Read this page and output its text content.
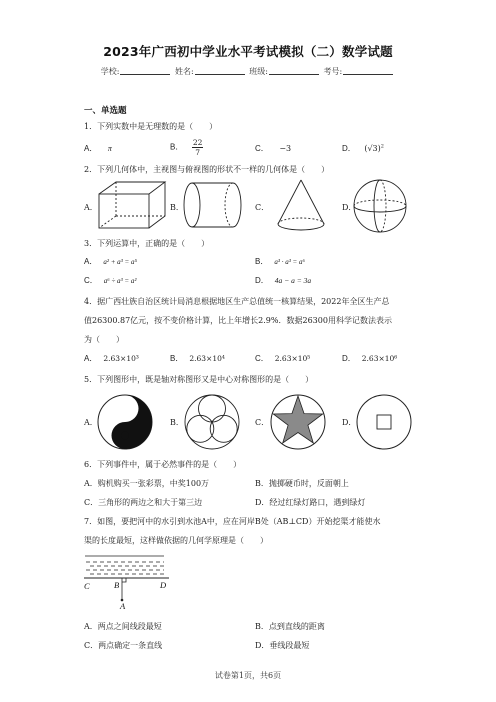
2023年广西初中学业水平考试模拟（二）数学试题
学校:	姓名:	班级:	考号:
一、单选题
1．下列实数中是无理数的是（　　）
A． π	B． $\frac{22}{7}$	C． −3	D． $(√3)^2$
2．下列几何体中，主视图与俯视图的形状不一样的几何体是（　　）
A．	B．	C．	D．
3．下列运算中，正确的是（　　）
A． a² + a³ = a⁵	B． a³ · a³ = a⁶
C． a⁶ ÷ a³ = a²	D． 4a − a = 3a
4．据广西壮族自治区统计局消息根据地区生产总值统一核算结果，2022年全区生产总
值26300.87亿元，按不变价格计算，比上年增长2.9%．数据26300用科学记数法表示
为（　　）
A． 2.63×10³	B． 2.63×10⁴	C． 2.63×10⁵	D． 2.63×10⁶
5．下列图形中，既是轴对称图形又是中心对称图形的是（　　）
A．	B．	C．	D．
6．下列事件中，属于必然事件的是（　　）
A．购机购买一张彩票，中奖100万	B．抛掷硬币时，反面朝上
C．三角形的两边之和大于第三边	D．经过红绿灯路口，遇到绿灯
7．如图，要把河中的水引到水池A中，应在河岸B处（AB⊥CD）开始挖渠才能使水
渠的长度最短，这样做依据的几何学原理是（　　）
C	B	D
A
A．两点之间线段最短	B．点到直线的距离
C．两点确定一条直线	D．垂线段最短
试卷第1页，共6页
